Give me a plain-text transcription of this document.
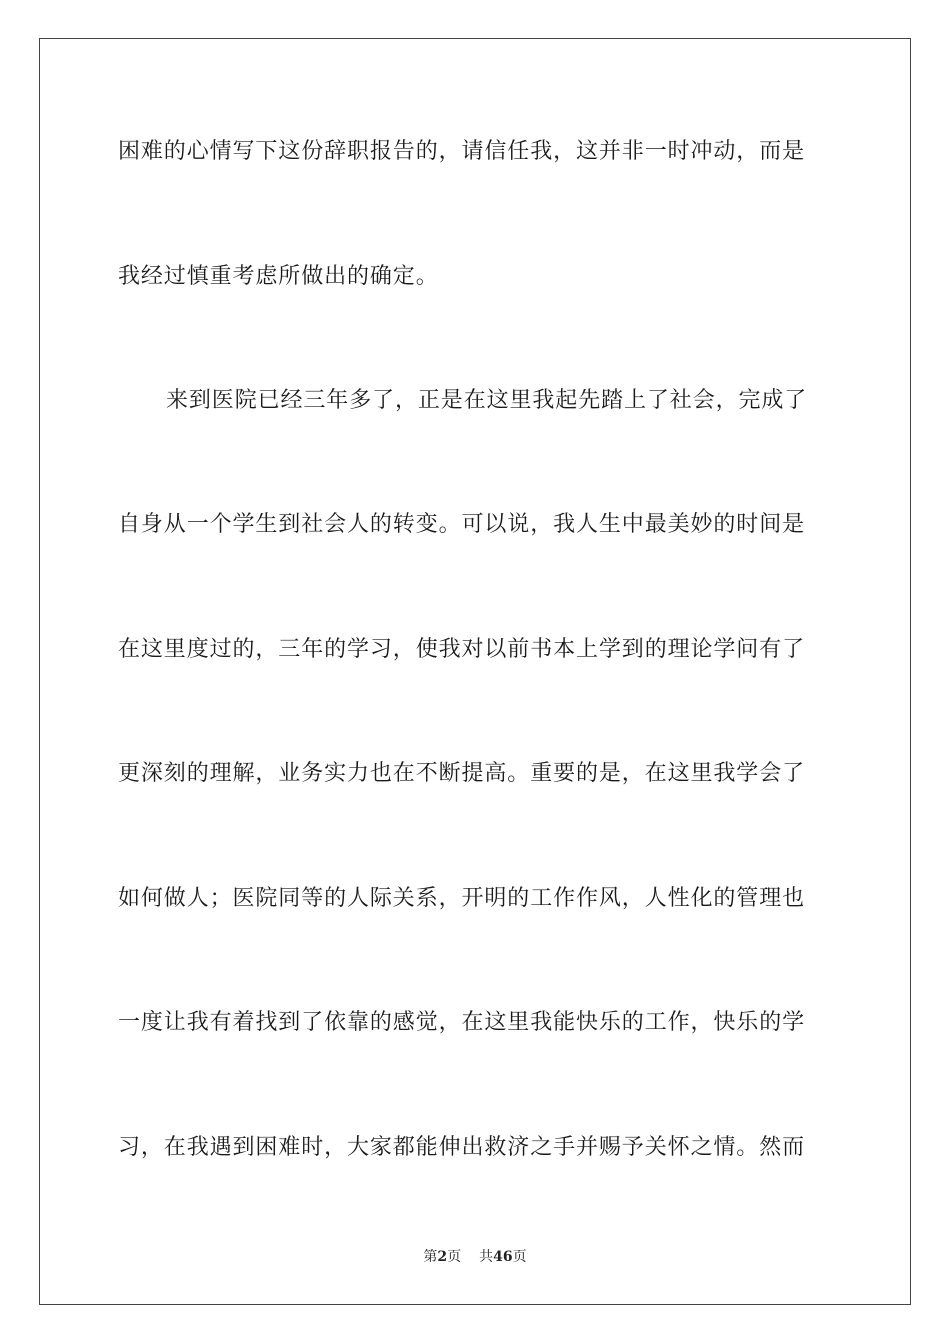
困难的心情写下这份辞职报告的，请信任我，这并非一时冲动，而是
我经过慎重考虑所做出的确定。
来到医院已经三年多了，正是在这里我起先踏上了社会，完成了
自身从一个学生到社会人的转变。可以说，我人生中最美妙的时间是
在这里度过的，三年的学习，使我对以前书本上学到的理论学问有了
更深刻的理解，业务实力也在不断提高。重要的是，在这里我学会了
如何做人；医院同等的人际关系，开明的工作作风，人性化的管理也
一度让我有着找到了依靠的感觉，在这里我能快乐的工作，快乐的学
习，在我遇到困难时，大家都能伸出救济之手并赐予关怀之情。然而
第2页 共46页
